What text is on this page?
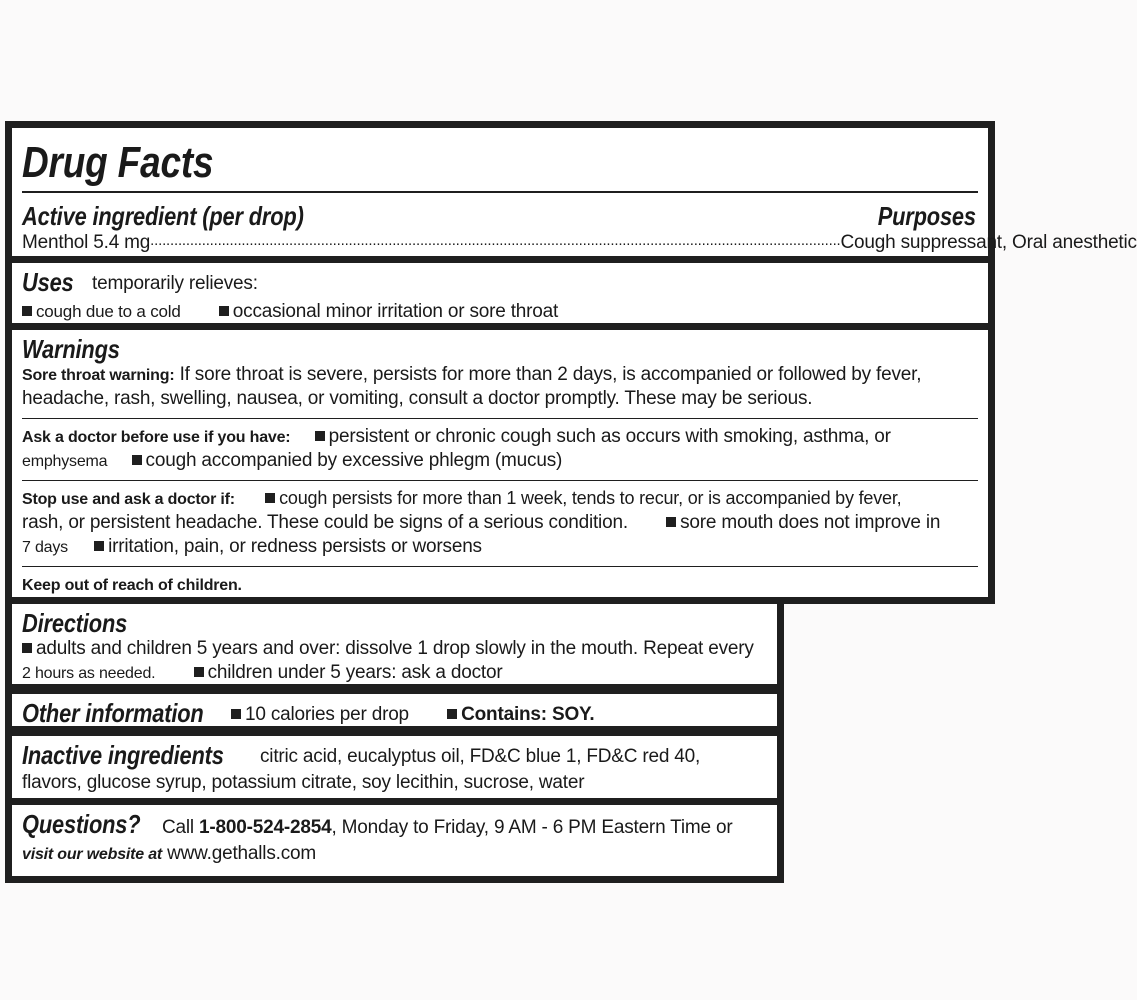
Drug Facts
Active ingredient (per drop)	Purposes
Menthol 5.4 mg .............................................................................................................................................................................. Cough suppressant, Oral anesthetic
Uses temporarily relieves:
cough due to a cold	occasional minor irritation or sore throat
Warnings
Sore throat warning: If sore throat is severe, persists for more than 2 days, is accompanied or followed by fever,
headache, rash, swelling, nausea, or vomiting, consult a doctor promptly. These may be serious.
Ask a doctor before use if you have: persistent or chronic cough such as occurs with smoking, asthma, or
emphysema cough accompanied by excessive phlegm (mucus)
Stop use and ask a doctor if: cough persists for more than 1 week, tends to recur, or is accompanied by fever,
rash, or persistent headache. These could be signs of a serious condition.	sore mouth does not improve in
7 days irritation, pain, or redness persists or worsens
Keep out of reach of children.
Directions
adults and children 5 years and over: dissolve 1 drop slowly in the mouth. Repeat every
2 hours as needed.	children under 5 years: ask a doctor
Other information	10 calories per drop	Contains: SOY.
Inactive ingredients	citric acid, eucalyptus oil, FD&C blue 1, FD&C red 40,
flavors, glucose syrup, potassium citrate, soy lecithin, sucrose, water
Questions?	Call 1-800-524-2854, Monday to Friday, 9 AM - 6 PM Eastern Time or
visit our website at www.gethalls.com
